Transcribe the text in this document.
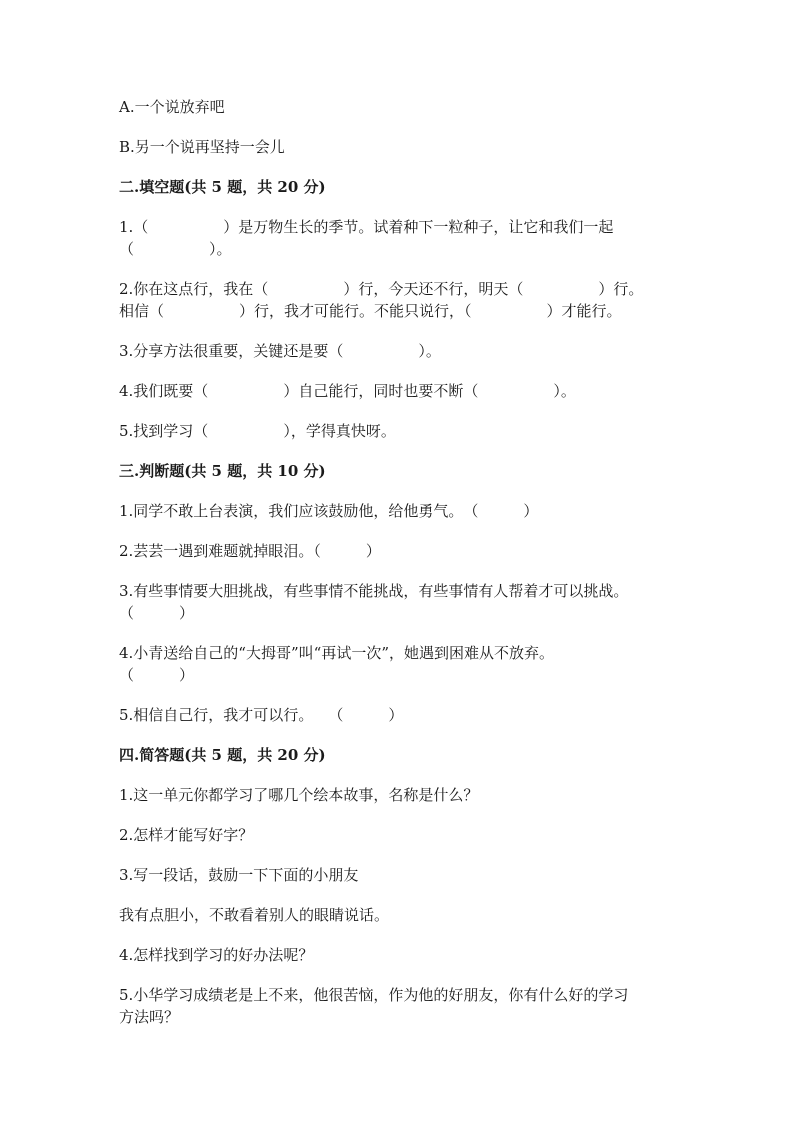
A.一个说放弃吧
B.另一个说再坚持一会儿
二.填空题(共 5 题，共 20 分)
1.（　　　　　）是万物生长的季节。试着种下一粒种子，让它和我们一起
（　　　　　）。
2.你在这点行，我在（　　　　　）行，今天还不行，明天（　　　　　）行。
相信（　　　　　）行，我才可能行。不能只说行，（　　　　　）才能行。
3.分享方法很重要，关键还是要（　　　　　）。
4.我们既要（　　　　　）自己能行，同时也要不断（　　　　　）。
5.找到学习（　　　　　），学得真快呀。
三.判断题(共 5 题，共 10 分)
1.同学不敢上台表演，我们应该鼓励他，给他勇气。　（　　　）
2.芸芸一遇到难题就掉眼泪。（　　　）
3.有些事情要大胆挑战，有些事情不能挑战，有些事情有人帮着才可以挑战。
（　　　）
4.小青送给自己的“大拇哥”叫“再试一次”，她遇到困难从不放弃。
（　　　）
5.相信自己行，我才可以行。　　（　　　）
四.简答题(共 5 题，共 20 分)
1.这一单元你都学习了哪几个绘本故事，名称是什么？
2.怎样才能写好字？
3.写一段话，鼓励一下下面的小朋友
我有点胆小，不敢看着别人的眼睛说话。
4.怎样找到学习的好办法呢？
5.小华学习成绩老是上不来，他很苦恼，作为他的好朋友，你有什么好的学习
方法吗？
